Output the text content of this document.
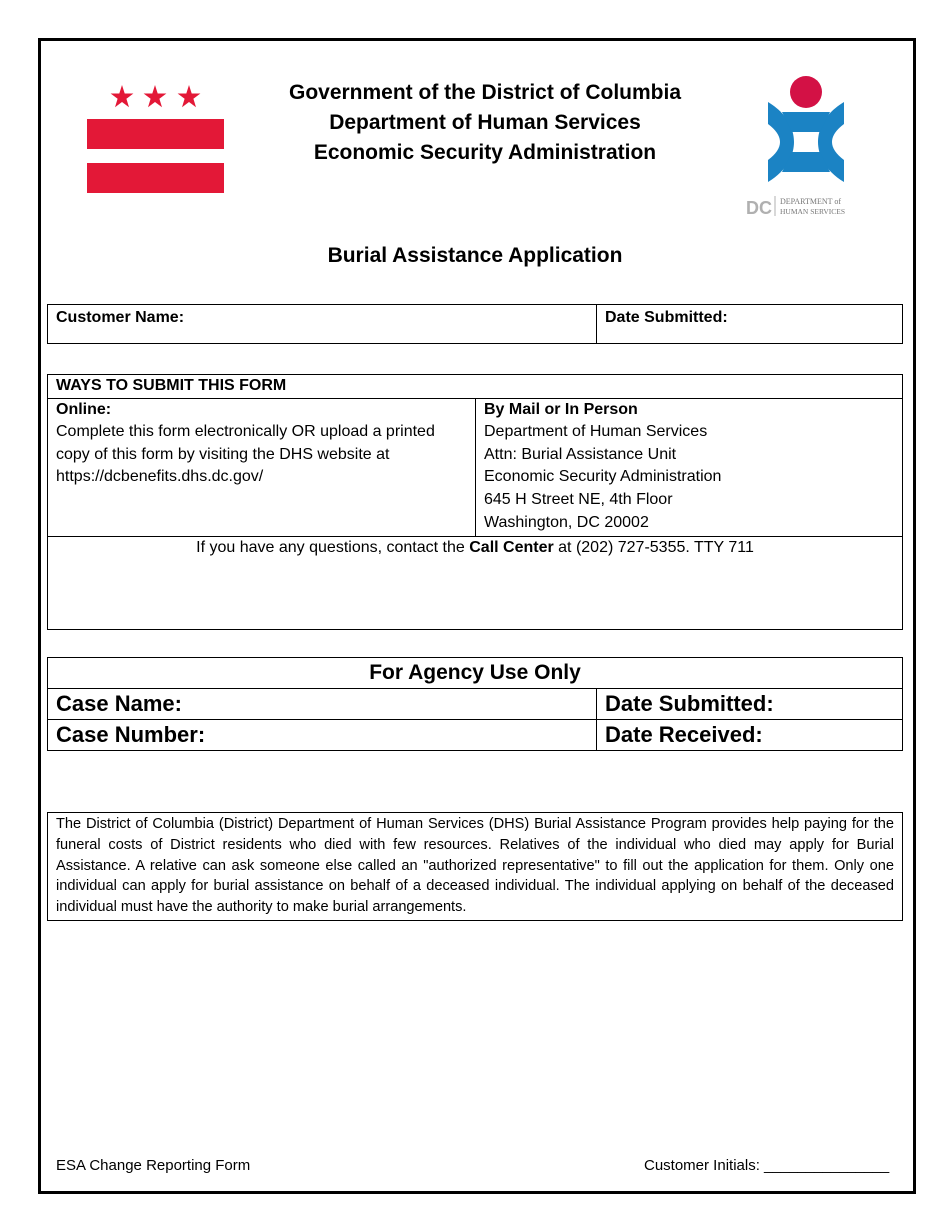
Government of the District of Columbia
Department of Human Services
Economic Security Administration
DC DEPARTMENT of
HUMAN SERVICES
Burial Assistance Application
Customer Name:	Date Submitted:
WAYS TO SUBMIT THIS FORM

Online:
Complete this form electronically OR upload a printed
copy of this form by visiting the DHS website at
https://dcbenefits.dhs.dc.gov/

By Mail or In Person
Department of Human Services
Attn: Burial Assistance Unit
Economic Security Administration
645 H Street NE, 4th Floor
Washington, DC 20002

If you have any questions, contact the Call Center at (202) 727-5355. TTY 711
For Agency Use Only	
Case Name:	Date Submitted:
Case Number:	Date Received:
The District of Columbia (District) Department of Human Services (DHS) Burial Assistance Program provides help paying for the funeral costs of District residents who died with few resources. Relatives of the individual who died may apply for Burial Assistance. A relative can ask someone else called an "authorized representative" to fill out the application for them. Only one individual can apply for burial assistance on behalf of a deceased individual. The individual applying on behalf of the deceased individual must have the authority to make burial arrangements.
ESA Change Reporting Form	Customer Initials: _______________
